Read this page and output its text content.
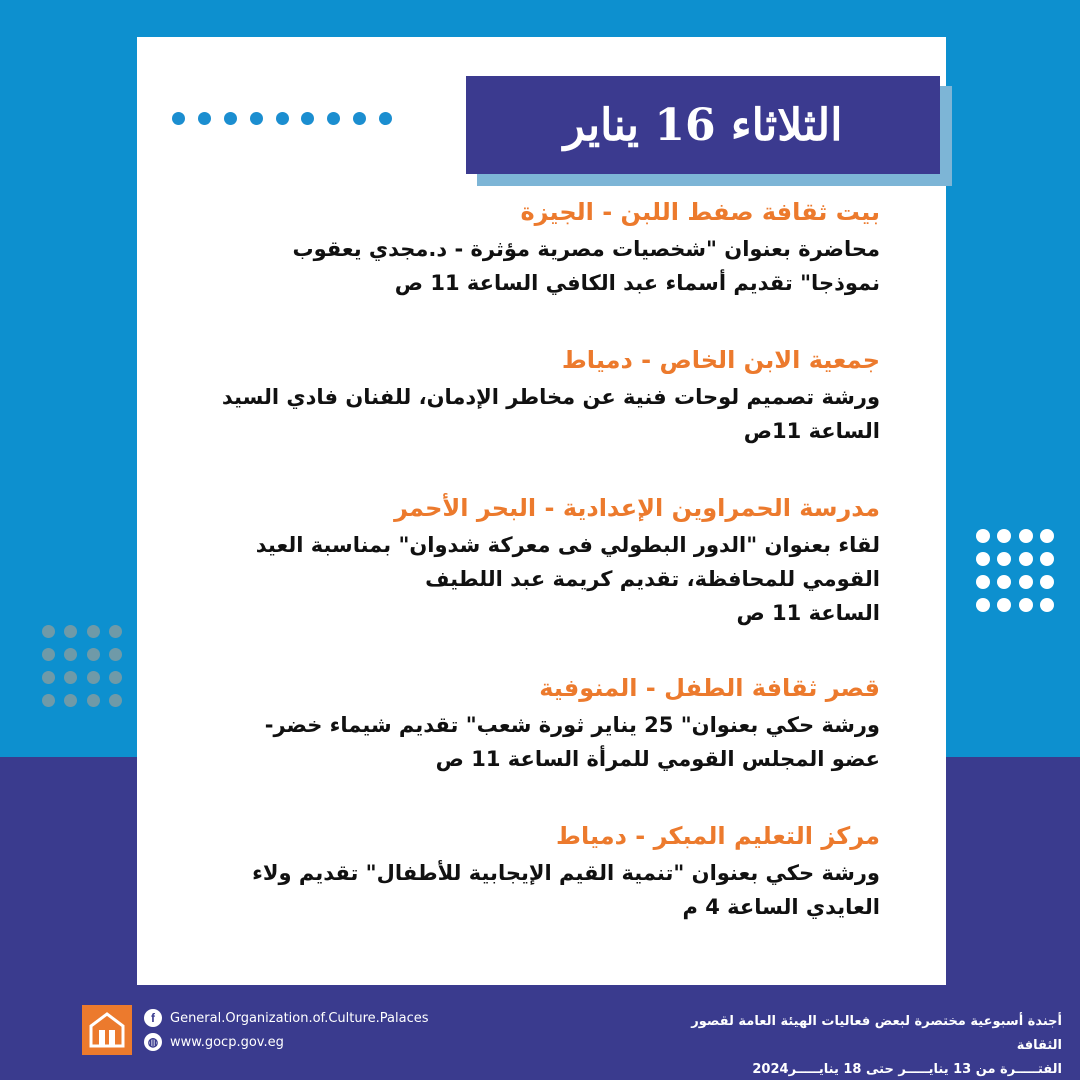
الثلاثاء 16 يناير
بيت ثقافة صفط اللبن - الجيزة
محاضرة بعنوان "شخصيات مصرية مؤثرة - د.مجدي يعقوب
نموذجا" تقديم أسماء عبد الكافي الساعة 11 ص
جمعية الابن الخاص - دمياط
ورشة تصميم لوحات فنية عن مخاطر الإدمان، للفنان فادي السيد
الساعة 11ص
مدرسة الحمراوين الإعدادية - البحر الأحمر
لقاء بعنوان "الدور البطولي فى معركة شدوان" بمناسبة العيد
القومي للمحافظة، تقديم كريمة عبد اللطيف
الساعة 11 ص
قصر ثقافة الطفل - المنوفية
ورشة حكي بعنوان" 25 يناير ثورة شعب" تقديم شيماء خضر-
عضو المجلس القومي للمرأة الساعة 11 ص
مركز التعليم المبكر - دمياط
ورشة حكي بعنوان "تنمية القيم الإيجابية للأطفال" تقديم ولاء
العايدي الساعة 4 م
أجندة أسبوعية مختصرة لبعض فعاليات الهيئة العامة لقصور الثقافة
الفتـــــرة من 13 ينايـــــر حتى 18 ينايـــــر2024
f	General.Organization.of.Culture.Palaces
◍ www.gocp.gov.eg
